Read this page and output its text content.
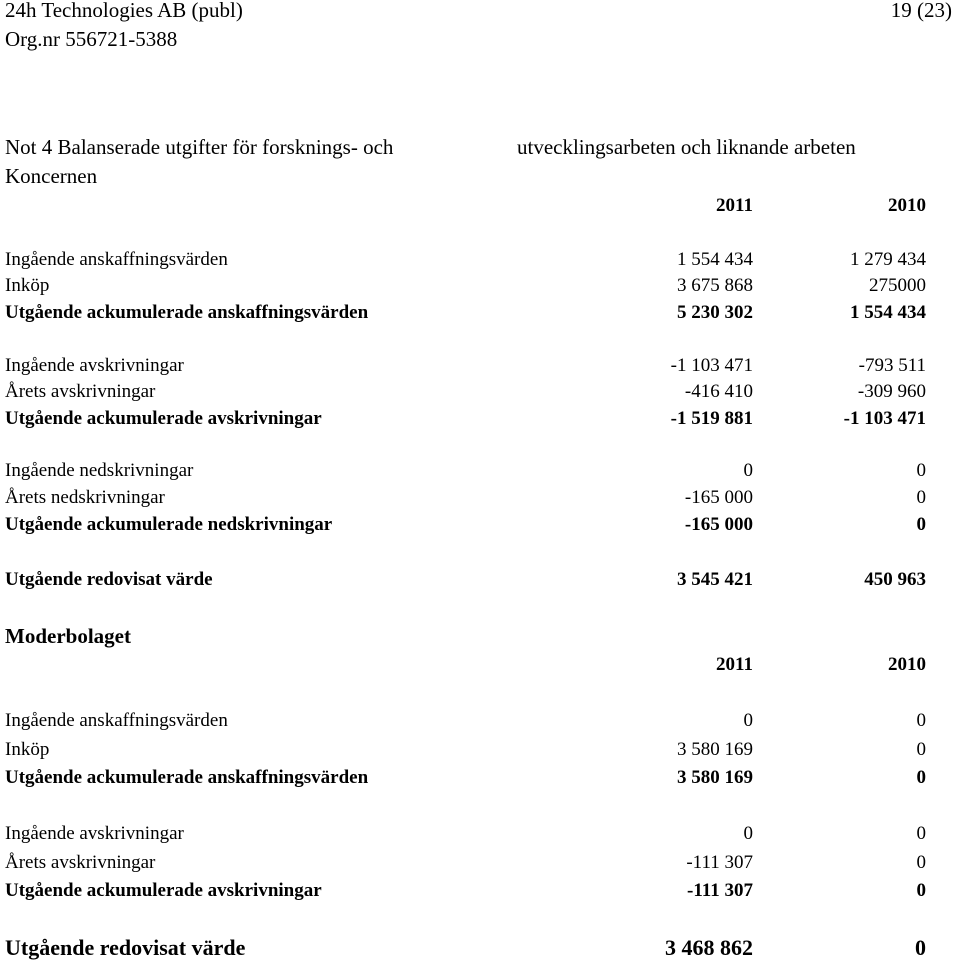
24h Technologies AB (publ)	19 (23)
Org.nr 556721-5388
Not 4 Balanserade utgifter för forsknings- och	utvecklingsarbeten och liknande arbeten
Koncernen
2011	2010
Ingående anskaffningsvärden	1 554 434	1 279 434
Inköp	3 675 868	275000
Utgående ackumulerade anskaffningsvärden	5 230 302	1 554 434
Ingående avskrivningar	-1 103 471	-793 511
Årets avskrivningar	-416 410	-309 960
Utgående ackumulerade avskrivningar	-1 519 881	-1 103 471
Ingående nedskrivningar	0	0
Årets nedskrivningar	-165 000	0
Utgående ackumulerade nedskrivningar	-165 000	0
Utgående redovisat värde	3 545 421	450 963
Moderbolaget
2011	2010
Ingående anskaffningsvärden	0	0
Inköp	3 580 169	0
Utgående ackumulerade anskaffningsvärden	3 580 169	0
Ingående avskrivningar	0	0
Årets avskrivningar	-111 307	0
Utgående ackumulerade avskrivningar	-111 307	0
Utgående redovisat värde	3 468 862	0
